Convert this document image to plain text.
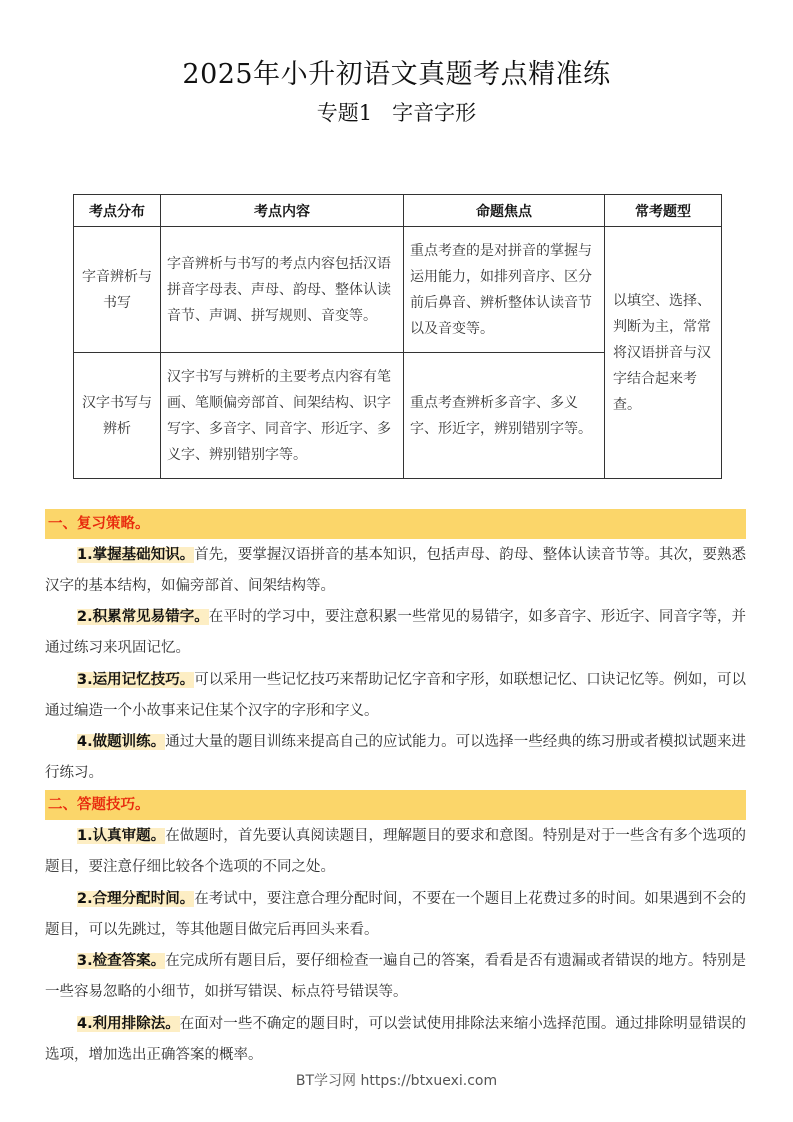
2025年小升初语文真题考点精准练
专题1   字音字形
考点分布	考点内容	命题焦点	常考题型
字音辨析与书写	字音辨析与书写的考点内容包括汉语拼音字母表、声母、韵母、整体认读音节、声调、拼写规则、音变等。	重点考查的是对拼音的掌握与运用能力，如排列音序、区分前后鼻音、辨析整体认读音节以及音变等。	以填空、选择、判断为主，常常将汉语拼音与汉字结合起来考查。
汉字书写与辨析	汉字书写与辨析的主要考点内容有笔画、笔顺偏旁部首、间架结构、识字写字、多音字、同音字、形近字、多义字、辨别错别字等。	重点考查辨析多音字、多义字、形近字，辨别错别字等。	
一、复习策略。
1.掌握基础知识。首先，要掌握汉语拼音的基本知识，包括声母、韵母、整体认读音节等。其次，要熟悉汉字的基本结构，如偏旁部首、间架结构等。
2.积累常见易错字。在平时的学习中，要注意积累一些常见的易错字，如多音字、形近字、同音字等，并通过练习来巩固记忆。
3.运用记忆技巧。可以采用一些记忆技巧来帮助记忆字音和字形，如联想记忆、口诀记忆等。例如，可以通过编造一个小故事来记住某个汉字的字形和字义。
4.做题训练。通过大量的题目训练来提高自己的应试能力。可以选择一些经典的练习册或者模拟试题来进行练习。
二、答题技巧。
1.认真审题。在做题时，首先要认真阅读题目，理解题目的要求和意图。特别是对于一些含有多个选项的题目，要注意仔细比较各个选项的不同之处。
2.合理分配时间。在考试中，要注意合理分配时间，不要在一个题目上花费过多的时间。如果遇到不会的题目，可以先跳过，等其他题目做完后再回头来看。
3.检查答案。在完成所有题目后，要仔细检查一遍自己的答案，看看是否有遗漏或者错误的地方。特别是一些容易忽略的小细节，如拼写错误、标点符号错误等。
4.利用排除法。在面对一些不确定的题目时，可以尝试使用排除法来缩小选择范围。通过排除明显错误的选项，增加选出正确答案的概率。
BT学习网 https://btxuexi.com
